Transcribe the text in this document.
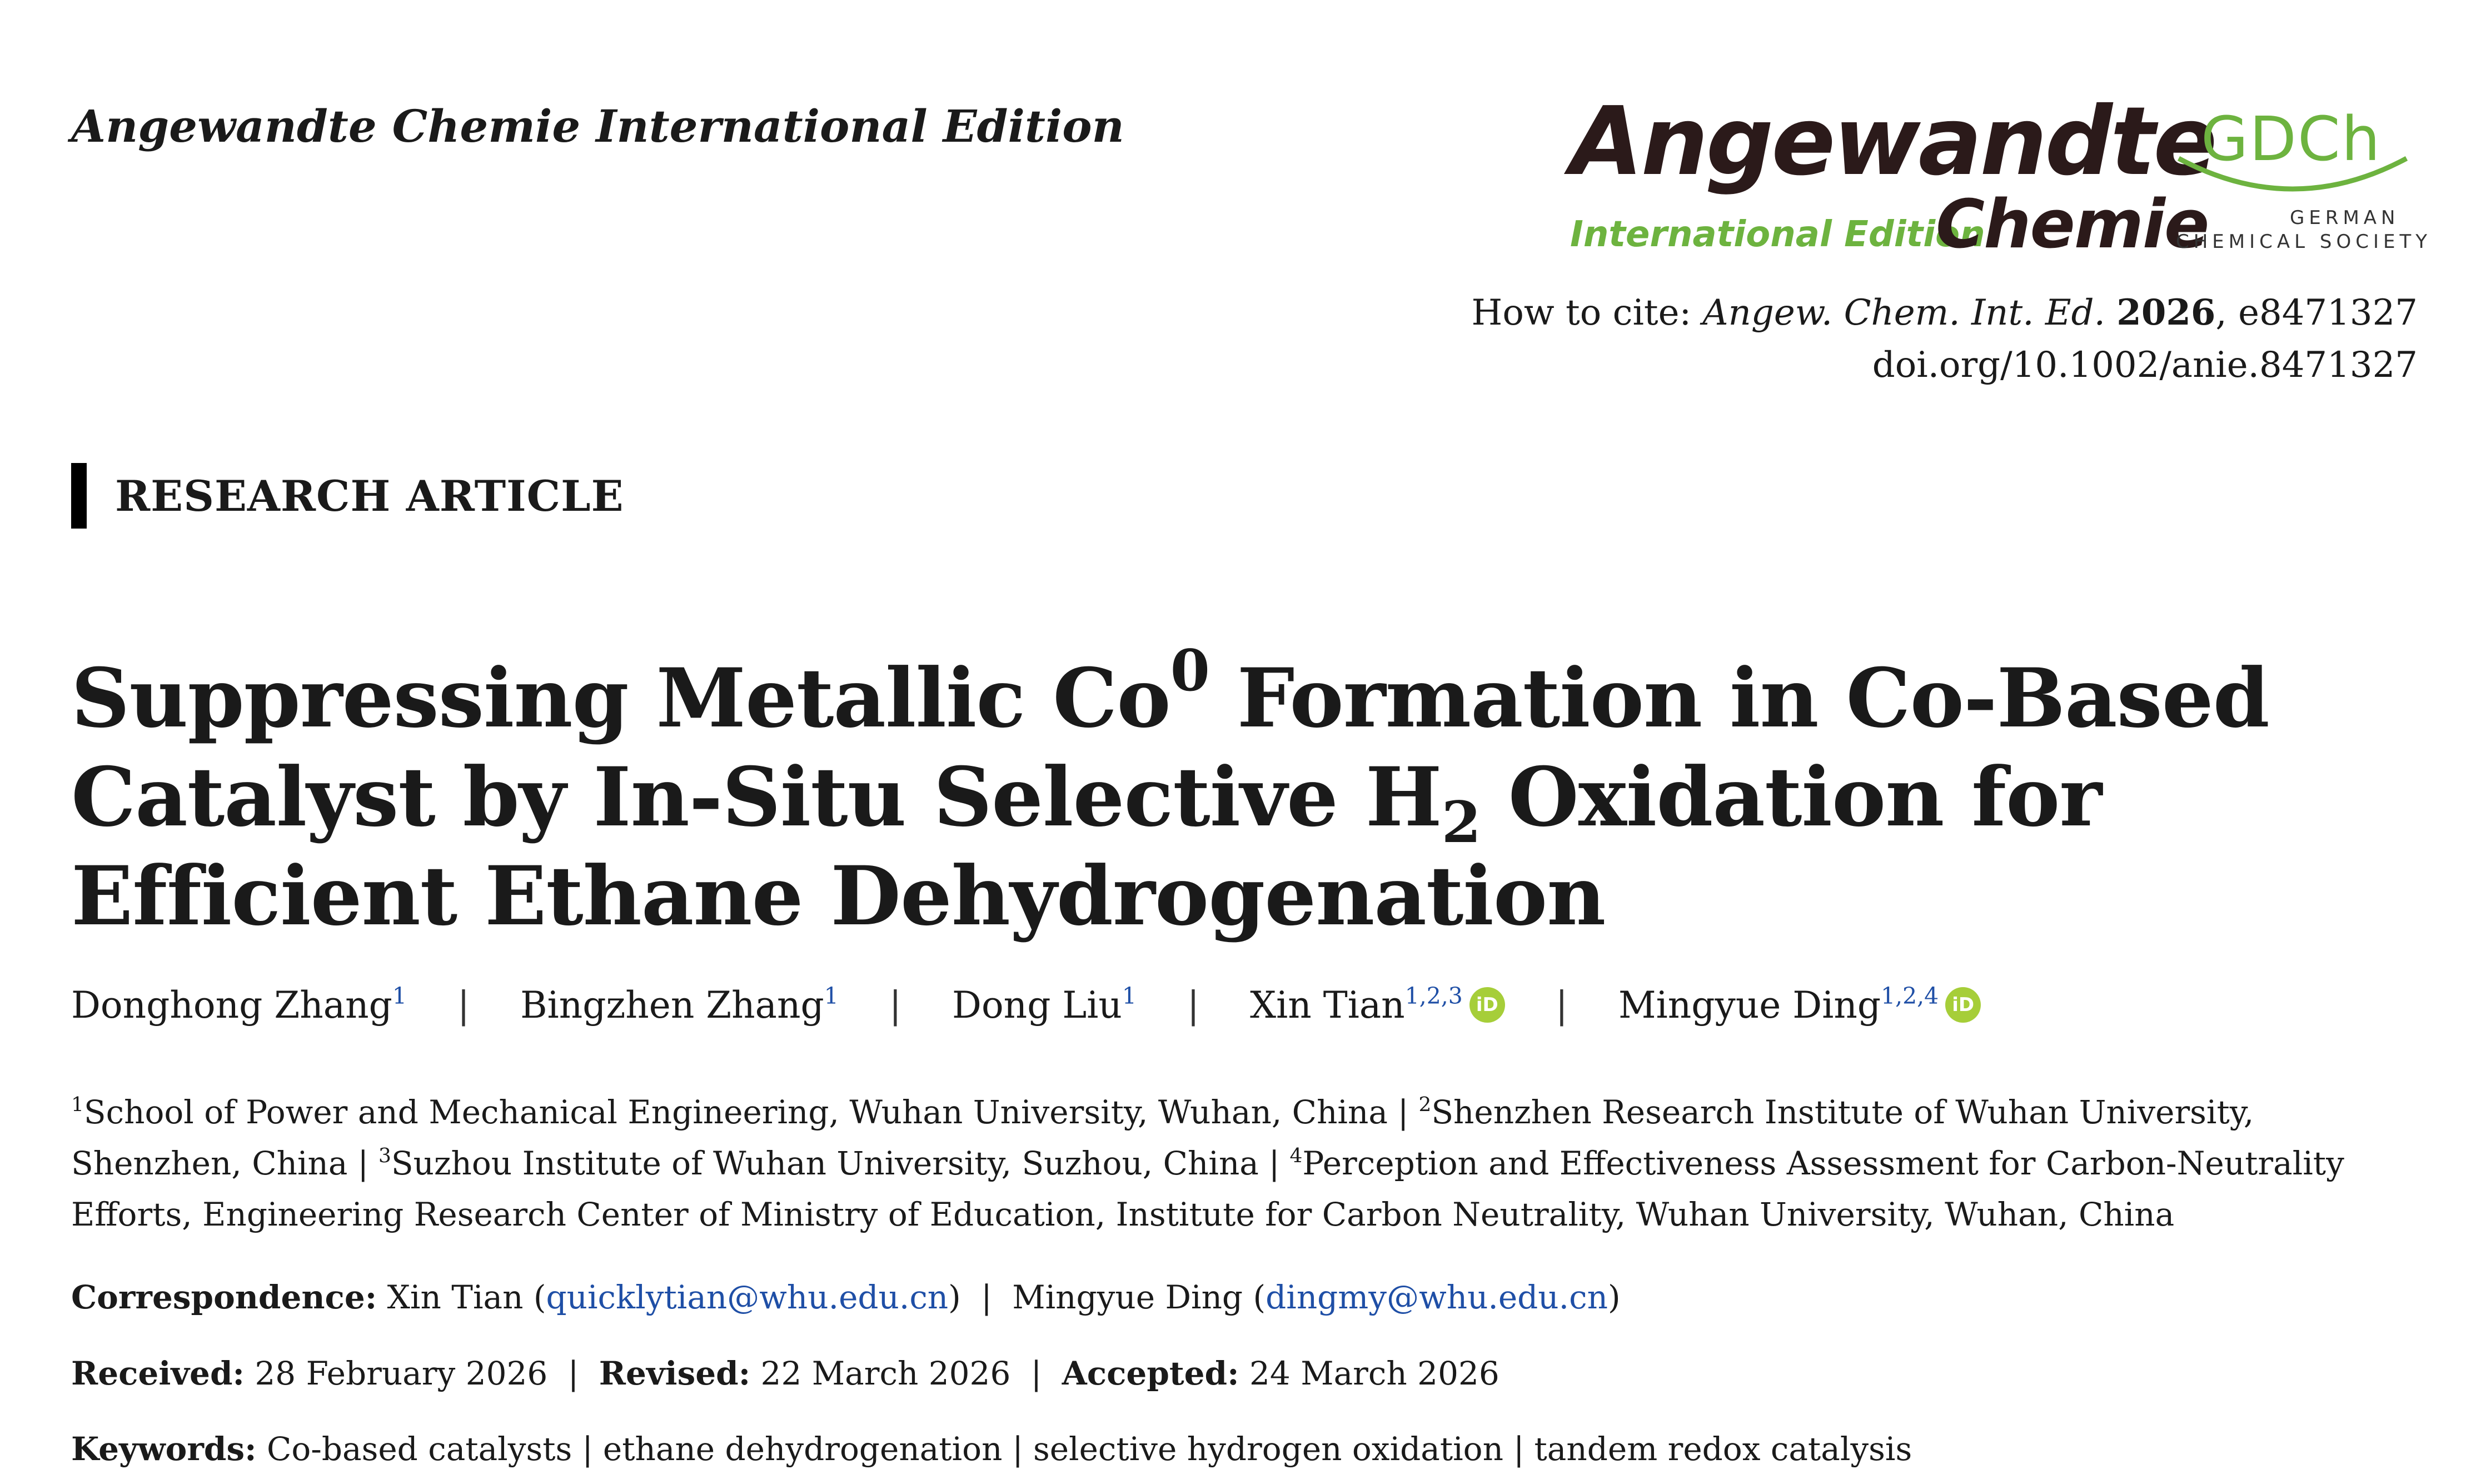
Angewandte Chemie International Edition	Angewandte
International Edition
Chemie
GDCh
GERMAN
CHEMICAL SOCIETY
How to cite: Angew. Chem. Int. Ed. 2026, e8471327
doi.org/10.1002/anie.8471327
RESEARCH ARTICLE
Suppressing Metallic Co$^0$ Formation in Co-Based Catalyst by In-Situ Selective $H_2$ Oxidation for Efficient Ethane Dehydrogenation
Donghong Zhang$^1$ | Bingzhen Zhang$^1$ | Dong Liu$^1$ | Xin Tian$^{1,2,3}$ iD | Mingyue Ding$^{1,2,4}$ iD
$^1$School of Power and Mechanical Engineering, Wuhan University, Wuhan, China | $^2$Shenzhen Research Institute of Wuhan University, Shenzhen, China | $^3$Suzhou Institute of Wuhan University, Suzhou, China | $^4$Perception and Effectiveness Assessment for Carbon-Neutrality Efforts, Engineering Research Center of Ministry of Education, Institute for Carbon Neutrality, Wuhan University, Wuhan, China
Correspondence: Xin Tian (quicklytian@whu.edu.cn) | Mingyue Ding (dingmy@whu.edu.cn)
Received: 28 February 2026 | Revised: 22 March 2026 | Accepted: 24 March 2026
Keywords: Co-based catalysts | ethane dehydrogenation | selective hydrogen oxidation | tandem redox catalysis
